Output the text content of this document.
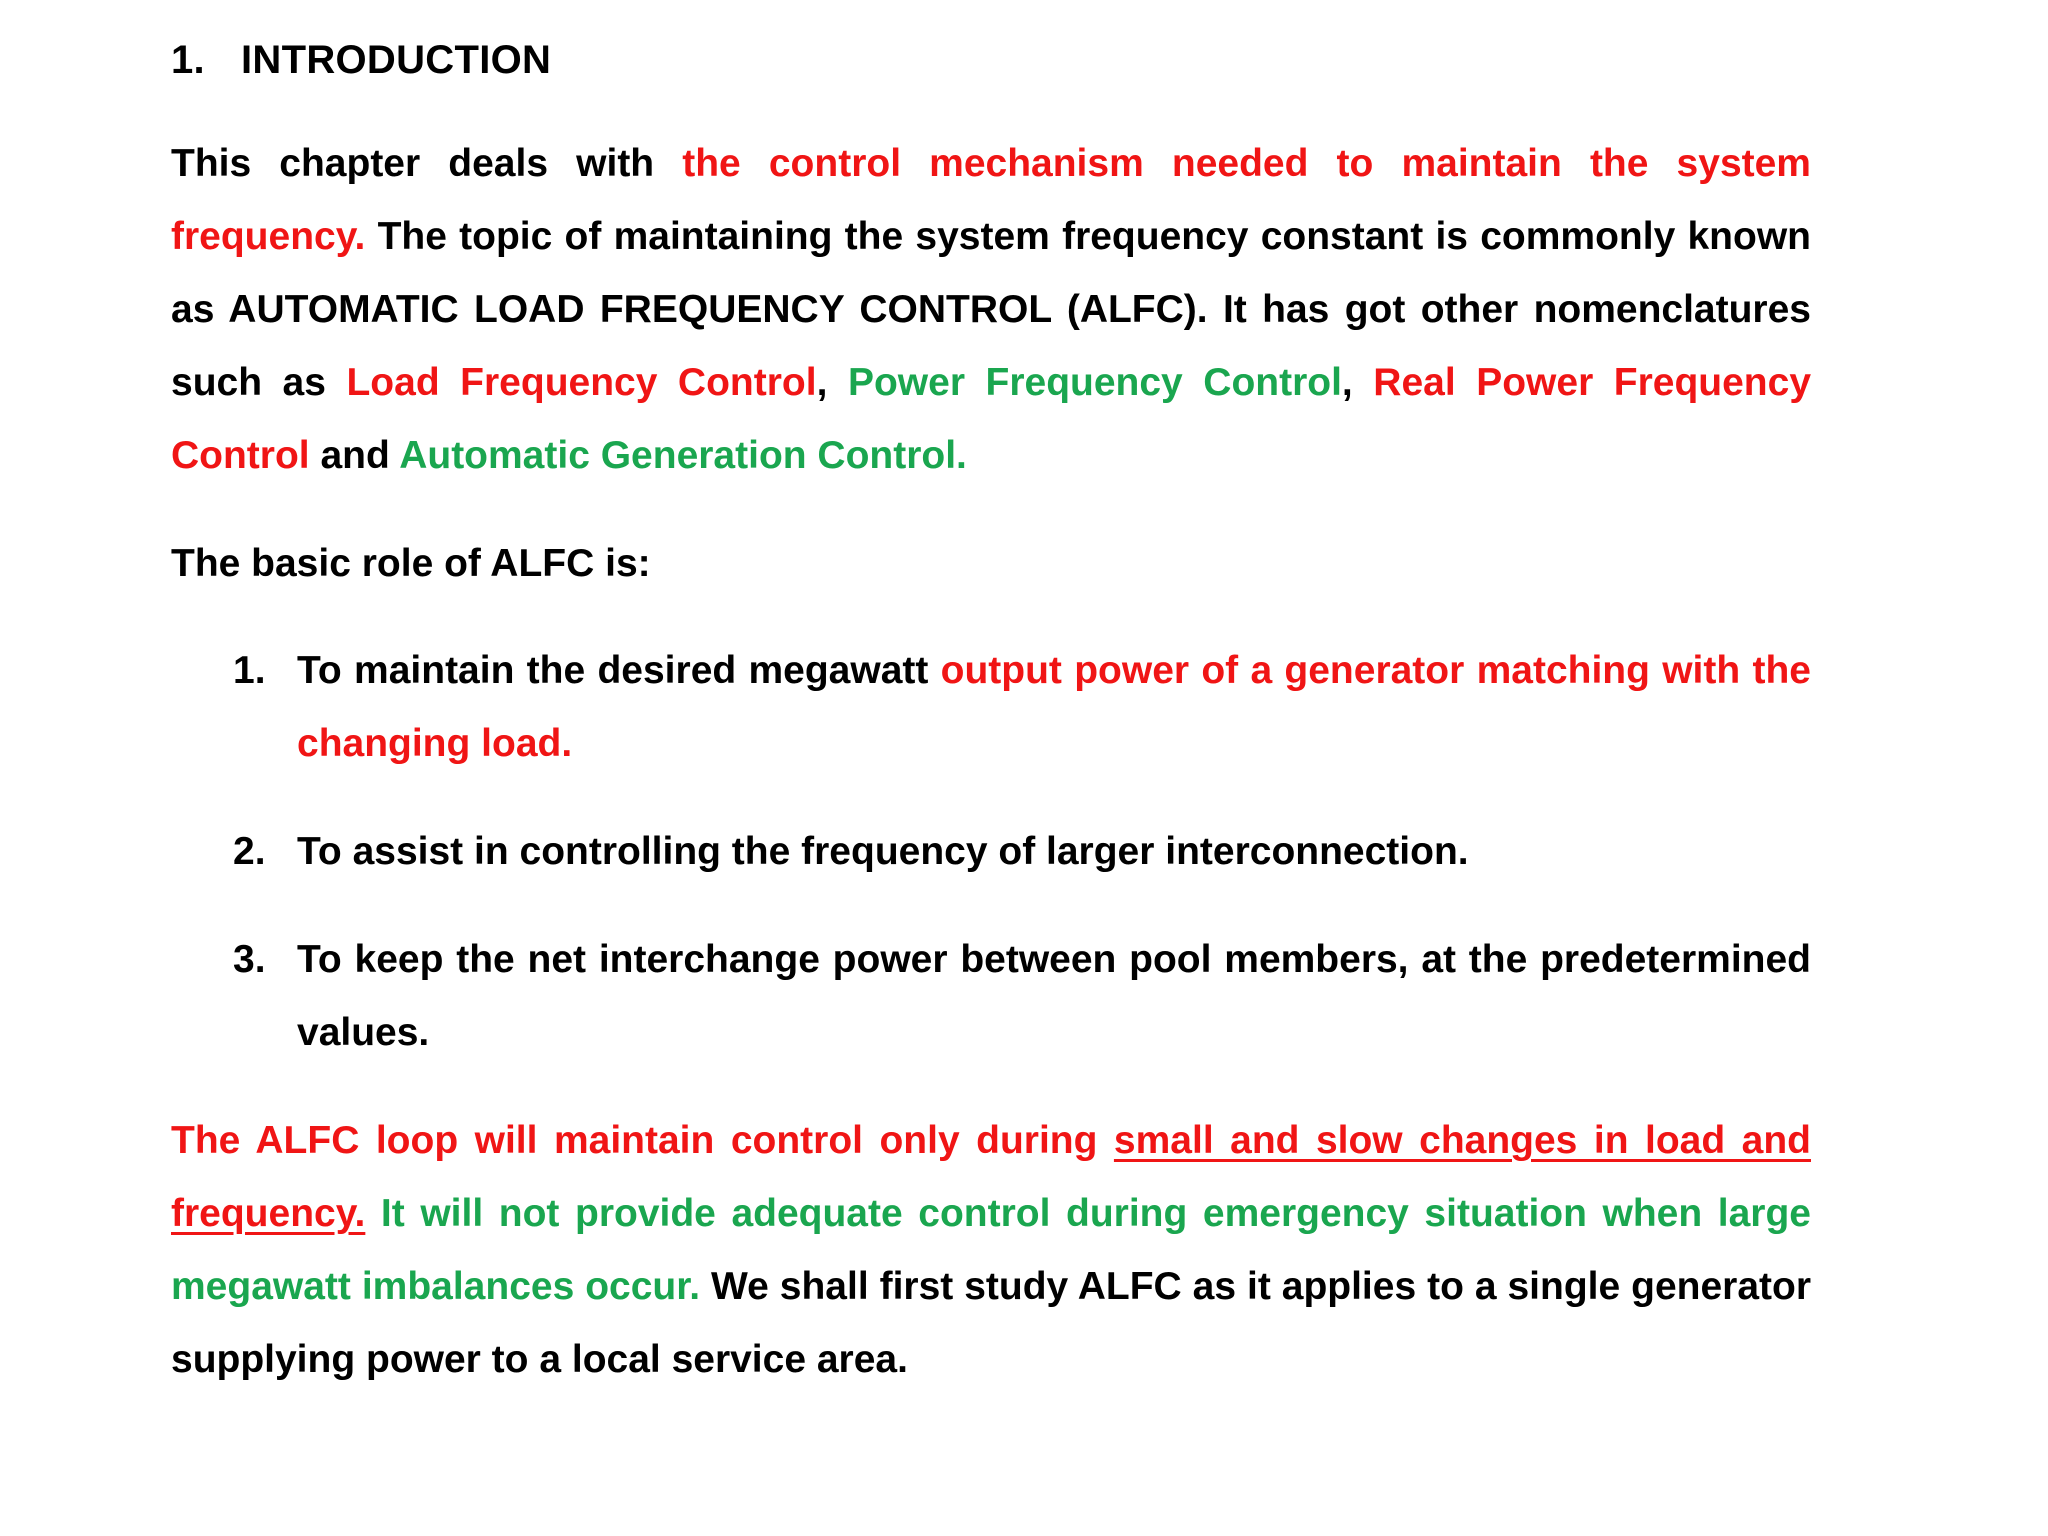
1. INTRODUCTION

This chapter deals with the control mechanism needed to maintain the system frequency. The topic of maintaining the system frequency constant is commonly known as AUTOMATIC LOAD FREQUENCY CONTROL (ALFC). It has got other nomenclatures such as Load Frequency Control, Power Frequency Control, Real Power Frequency Control and Automatic Generation Control.

The basic role of ALFC is:

1. To maintain the desired megawatt output power of a generator matching with the changing load.
2. To assist in controlling the frequency of larger interconnection.
3. To keep the net interchange power between pool members, at the predetermined values.

The ALFC loop will maintain control only during small and slow changes in load and frequency. It will not provide adequate control during emergency situation when large megawatt imbalances occur. We shall first study ALFC as it applies to a single generator supplying power to a local service area.
